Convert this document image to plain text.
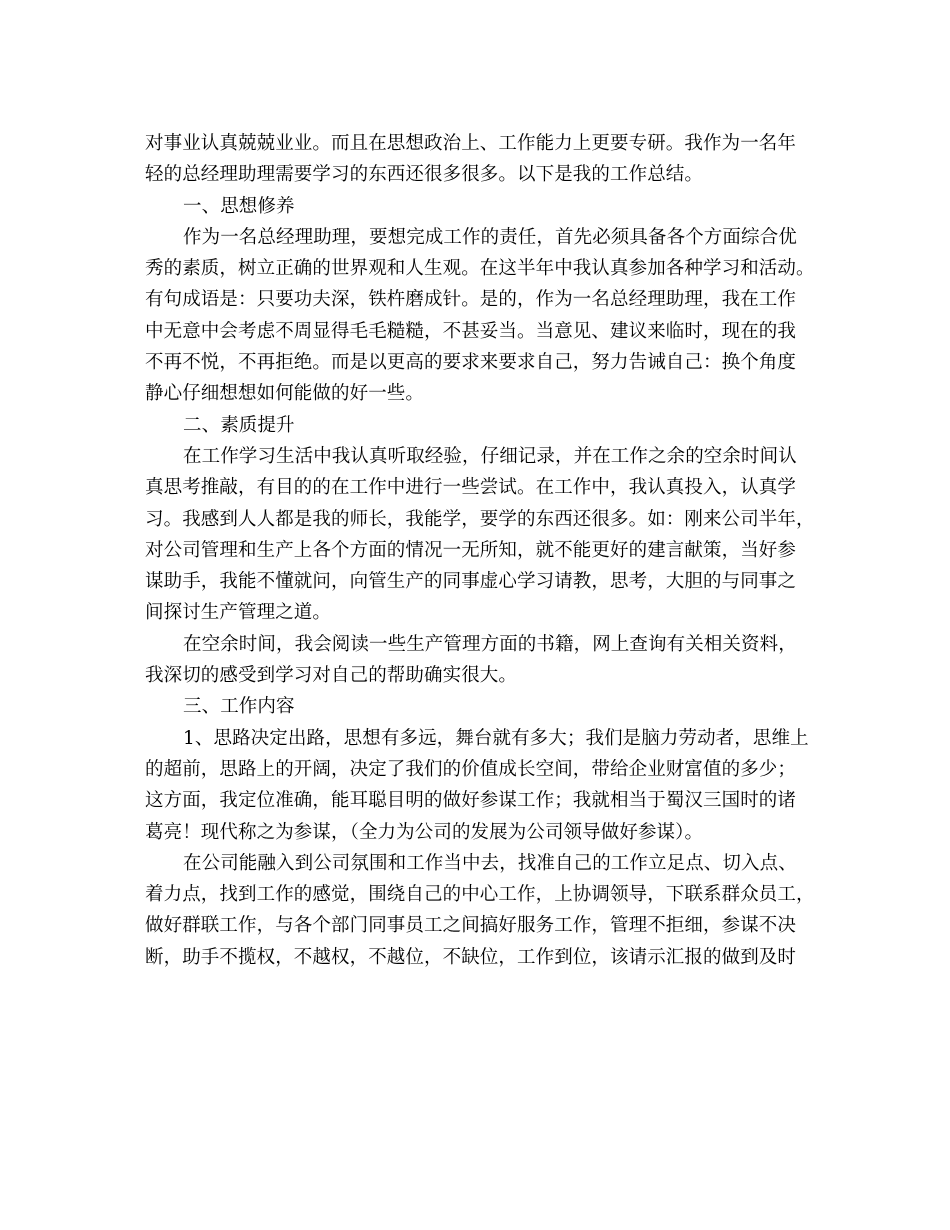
对事业认真兢兢业业。而且在思想政治上、工作能力上更要专研。我作为一名年
轻的总经理助理需要学习的东西还很多很多。以下是我的工作总结。
一、思想修养
作为一名总经理助理，要想完成工作的责任，首先必须具备各个方面综合优
秀的素质，树立正确的世界观和人生观。在这半年中我认真参加各种学习和活动。
有句成语是：只要功夫深，铁杵磨成针。是的，作为一名总经理助理，我在工作
中无意中会考虑不周显得毛毛糙糙，不甚妥当。当意见、建议来临时，现在的我
不再不悦，不再拒绝。而是以更高的要求来要求自己，努力告诫自己：换个角度
静心仔细想想如何能做的好一些。
二、素质提升
在工作学习生活中我认真听取经验，仔细记录，并在工作之余的空余时间认
真思考推敲，有目的的在工作中进行一些尝试。在工作中，我认真投入，认真学
习。我感到人人都是我的师长，我能学，要学的东西还很多。如：刚来公司半年，
对公司管理和生产上各个方面的情况一无所知，就不能更好的建言献策，当好参
谋助手，我能不懂就问，向管生产的同事虚心学习请教，思考，大胆的与同事之
间探讨生产管理之道。
在空余时间，我会阅读一些生产管理方面的书籍，网上查询有关相关资料，
我深切的感受到学习对自己的帮助确实很大。
三、工作内容
1、思路决定出路，思想有多远，舞台就有多大；我们是脑力劳动者，思维上
的超前，思路上的开阔，决定了我们的价值成长空间，带给企业财富值的多少；
这方面，我定位准确，能耳聪目明的做好参谋工作；我就相当于蜀汉三国时的诸
葛亮！现代称之为参谋，（全力为公司的发展为公司领导做好参谋）。
在公司能融入到公司氛围和工作当中去，找准自己的工作立足点、切入点、
着力点，找到工作的感觉，围绕自己的中心工作，上协调领导，下联系群众员工，
做好群联工作，与各个部门同事员工之间搞好服务工作，管理不拒细，参谋不决
断，助手不揽权，不越权，不越位，不缺位，工作到位，该请示汇报的做到及时
